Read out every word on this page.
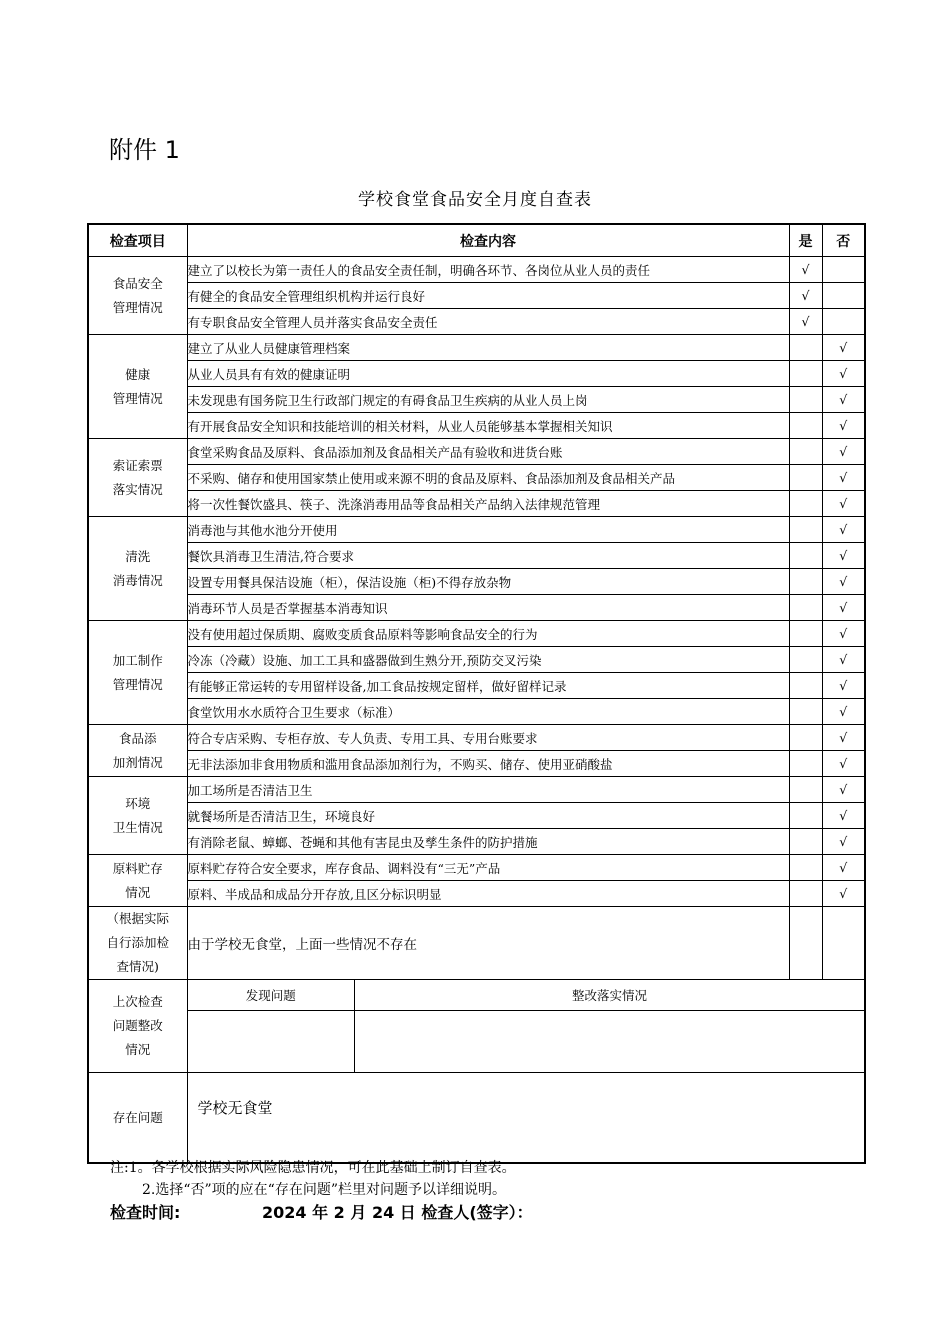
附件 1
学校食堂食品安全月度自查表
检查项目	检查内容	是	否

食品安全
管理情况
	建立了以校长为第一责任人的食品安全责任制，明确各环节、各岗位从业人员的责任	√	
有健全的食品安全管理组织机构并运行良好	√	
有专职食品安全管理人员并落实食品安全责任	√	

健康
管理情况
	建立了从业人员健康管理档案		√
从业人员具有有效的健康证明		√
未发现患有国务院卫生行政部门规定的有碍食品卫生疾病的从业人员上岗		√
有开展食品安全知识和技能培训的相关材料，从业人员能够基本掌握相关知识		√

索证索票
落实情况
	食堂采购食品及原料、食品添加剂及食品相关产品有验收和进货台账		√
不采购、储存和使用国家禁止使用或来源不明的食品及原料、食品添加剂及食品相关产品		√
将一次性餐饮盛具、筷子、洗涤消毒用品等食品相关产品纳入法律规范管理		√

清洗
消毒情况
	消毒池与其他水池分开使用		√
餐饮具消毒卫生清洁,符合要求		√
设置专用餐具保洁设施（柜），保洁设施（柜)不得存放杂物		√
消毒环节人员是否掌握基本消毒知识		√

加工制作
管理情况
	没有使用超过保质期、腐败变质食品原料等影响食品安全的行为		√
冷冻（冷藏）设施、加工工具和盛器做到生熟分开,预防交叉污染		√
有能够正常运转的专用留样设备,加工食品按规定留样，做好留样记录		√
食堂饮用水水质符合卫生要求（标准）		√

食品添
加剂情况
	符合专店采购、专柜存放、专人负责、专用工具、专用台账要求		√
无非法添加非食用物质和滥用食品添加剂行为，不购买、储存、使用亚硝酸盐		√

环境
卫生情况
	加工场所是否清洁卫生		√
就餐场所是否清洁卫生，环境良好		√
有消除老鼠、蟑螂、苍蝇和其他有害昆虫及孳生条件的防护措施		√

原料贮存
情况
	原料贮存符合安全要求，库存食品、调料没有“三无”产品		√
原料、半成品和成品分开存放,且区分标识明显		√

（根据实际
自行添加检
查情况)
	由于学校无食堂，上面一些情况不存在		

上次检查
问题整改
情况

发现问题	整改落实情况

存在问题	学校无食堂
注:1。各学校根据实际风险隐患情况，可在此基础上制订自查表。
2.选择“否”项的应在“存在问题”栏里对问题予以详细说明。
检查时间:	2024 年 2 月 24 日 检查人(签字）：
